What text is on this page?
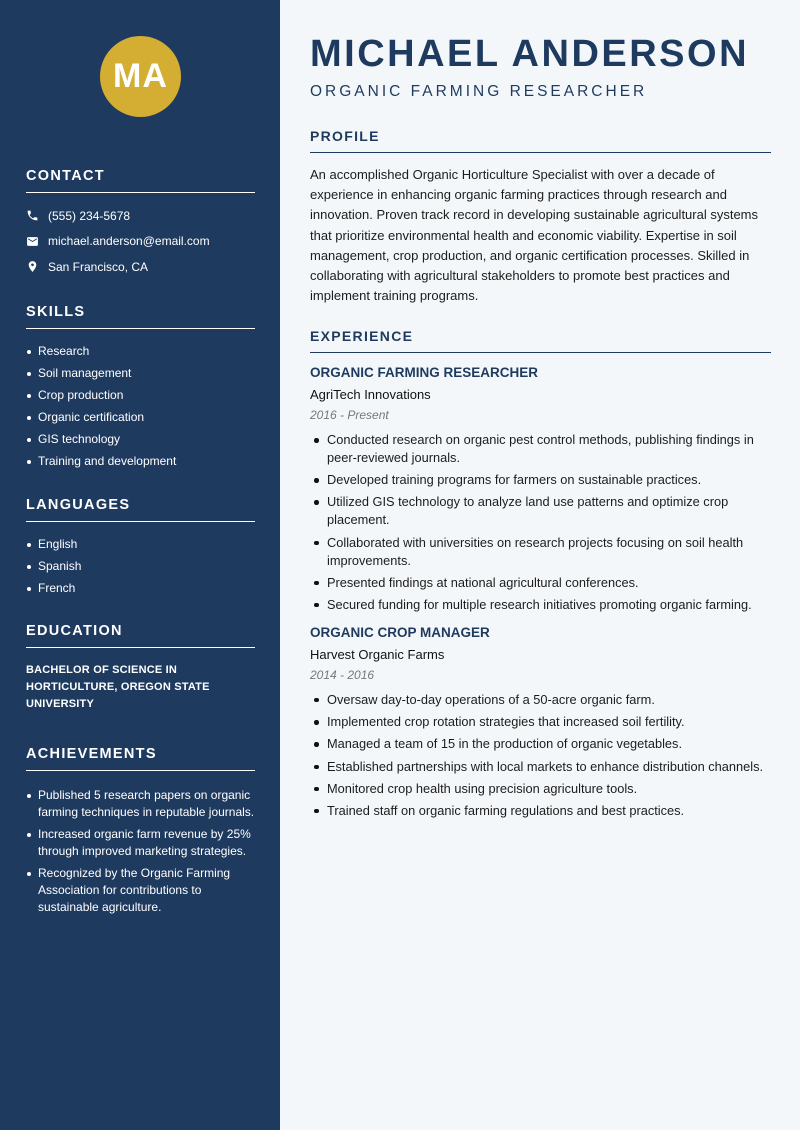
MA
CONTACT
(555) 234-5678
michael.anderson@email.com
San Francisco, CA
SKILLS
Research
Soil management
Crop production
Organic certification
GIS technology
Training and development
LANGUAGES
English
Spanish
French
EDUCATION
BACHELOR OF SCIENCE IN HORTICULTURE, OREGON STATE UNIVERSITY
ACHIEVEMENTS
Published 5 research papers on organic farming techniques in reputable journals.
Increased organic farm revenue by 25% through improved marketing strategies.
Recognized by the Organic Farming Association for contributions to sustainable agriculture.
MICHAEL ANDERSON
ORGANIC FARMING RESEARCHER
PROFILE

An accomplished Organic Horticulture Specialist with over a decade of experience in enhancing organic farming practices through research and innovation. Proven track record in developing sustainable agricultural systems that prioritize environmental health and economic viability. Expertise in soil management, crop production, and organic certification processes. Skilled in collaborating with agricultural stakeholders to promote best practices and implement training programs.

EXPERIENCE
ORGANIC FARMING RESEARCHER
AgriTech Innovations
2016 - Present
Conducted research on organic pest control methods, publishing findings in peer-reviewed journals.
Developed training programs for farmers on sustainable practices.
Utilized GIS technology to analyze land use patterns and optimize crop placement.
Collaborated with universities on research projects focusing on soil health improvements.
Presented findings at national agricultural conferences.
Secured funding for multiple research initiatives promoting organic farming.
ORGANIC CROP MANAGER
Harvest Organic Farms
2014 - 2016
Oversaw day-to-day operations of a 50-acre organic farm.
Implemented crop rotation strategies that increased soil fertility.
Managed a team of 15 in the production of organic vegetables.
Established partnerships with local markets to enhance distribution channels.
Monitored crop health using precision agriculture tools.
Trained staff on organic farming regulations and best practices.
